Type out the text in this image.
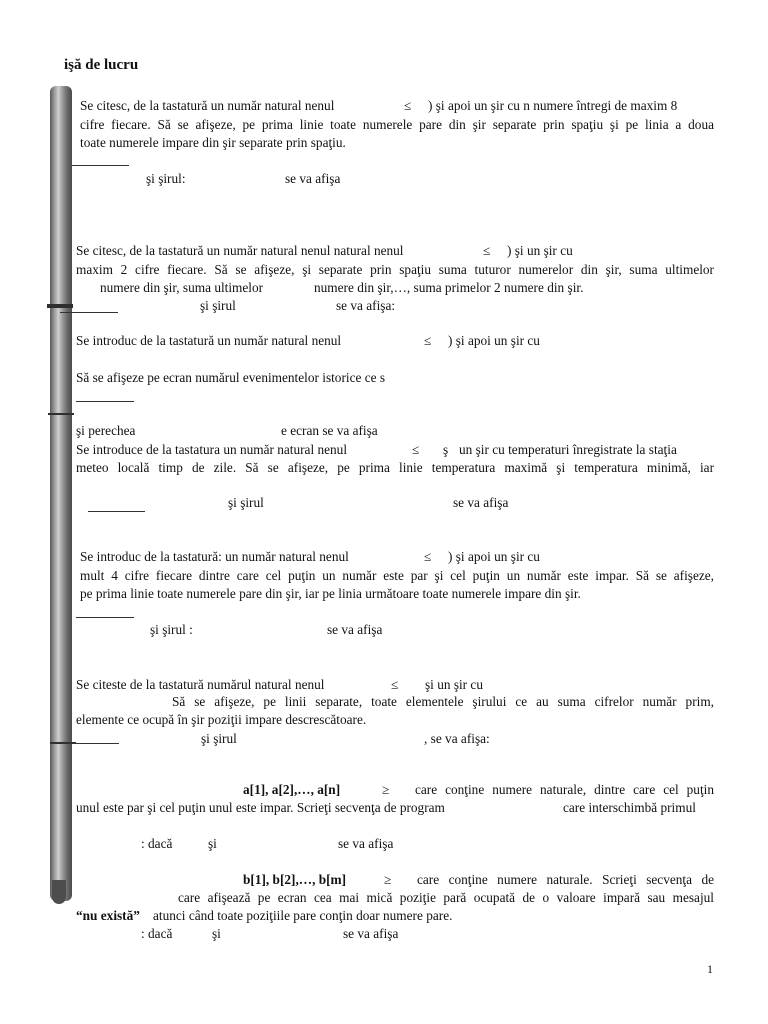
işă de lucru
Se citesc, de la tastatură un număr natural nenul	≤ ) şi apoi un şir cu n numere întregi de maxim 8
cifre fiecare. Să se afişeze, pe prima linie toate numerele pare din şir separate prin spaţiu şi pe linia a doua
toate numerele impare din şir separate prin spaţiu.
şi şirul:	se va afişa
Se citesc, de la tastatură un număr natural nenul natural nenul	≤ ) şi un şir cu
maxim 2 cifre fiecare. Să se afişeze, şi separate prin spaţiu suma tuturor numerelor din şir, suma ultimelor
numere din şir, suma ultimelor	numere din şir,…, suma primelor 2 numere din şir.
şi şirul	se va afişa:
Se introduc de la tastatură un număr natural nenul	≤ ) şi apoi un şir cu
Să se afişeze pe ecran numărul evenimentelor istorice ce s
şi perechea	e ecran se va afişa
Se introduce de la tastatura un număr natural nenul	≤ ş un şir cu temperaturi înregistrate la staţia
meteo locală timp de zile. Să se afişeze, pe prima linie temperatura maximă şi temperatura minimă, iar
şi şirul	se va afişa
Se introduc de la tastatură: un număr natural nenul	≤ ) şi apoi un şir cu
mult 4 cifre fiecare dintre care cel puţin un număr este par şi cel puţin un număr este impar. Să se afişeze,
pe prima linie toate numerele pare din şir, iar pe linia următoare toate numerele impare din şir.
şi şirul :	se va afişa
Se citeste de la tastatură numărul natural nenul	≤ şi un şir cu
Să se afişeze, pe linii separate, toate elementele şirului ce au suma cifrelor număr prim,
elemente ce ocupă în şir poziţii impare descrescătoare.
şi şirul	, se va afişa:
a[1], a[2],…, a[n]	≥ care conţine numere naturale, dintre care cel puţin
unul este par şi cel puţin unul este impar. Scrieţi secvenţa de program	care interschimbă primul
: dacă	şi	se va afişa
b[1], b[2],…, b[m]	≥ care conţine numere naturale. Scrieţi secvenţa de
care afişează pe ecran cea mai mică poziţie pară ocupată de o valoare impară sau mesajul
“nu există” atunci când toate poziţiile pare conţin doar numere pare.
: dacă	şi	se va afişa
1
